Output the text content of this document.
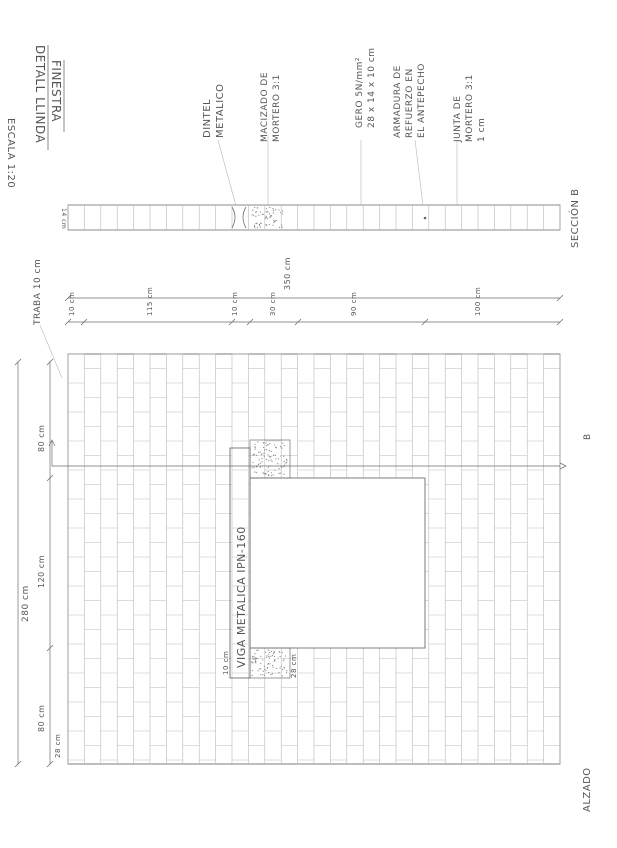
ESCALA 1:20
DETALL LLINDA FINESTRA
14 cm
DINTEL METALICO	MACIZADO DE MORTERO 3:1	GERO 5N/mm² 28 x 14 x 10 cm ARMADURA DE REFUERZO EN EL ANTEPECHO	JUNTA DE MORTERO 3:1 1 cm
SECCIÓN B
350 cm
10 cm	115 cm	10 cm	30 cm	90 cm	100 cm
TRABA 10 cm
VIGA METALICA IPN-160
10 cm	28 cm
B
ALZADO
280 cm
80 cm
120 cm
80 cm
28 cm
